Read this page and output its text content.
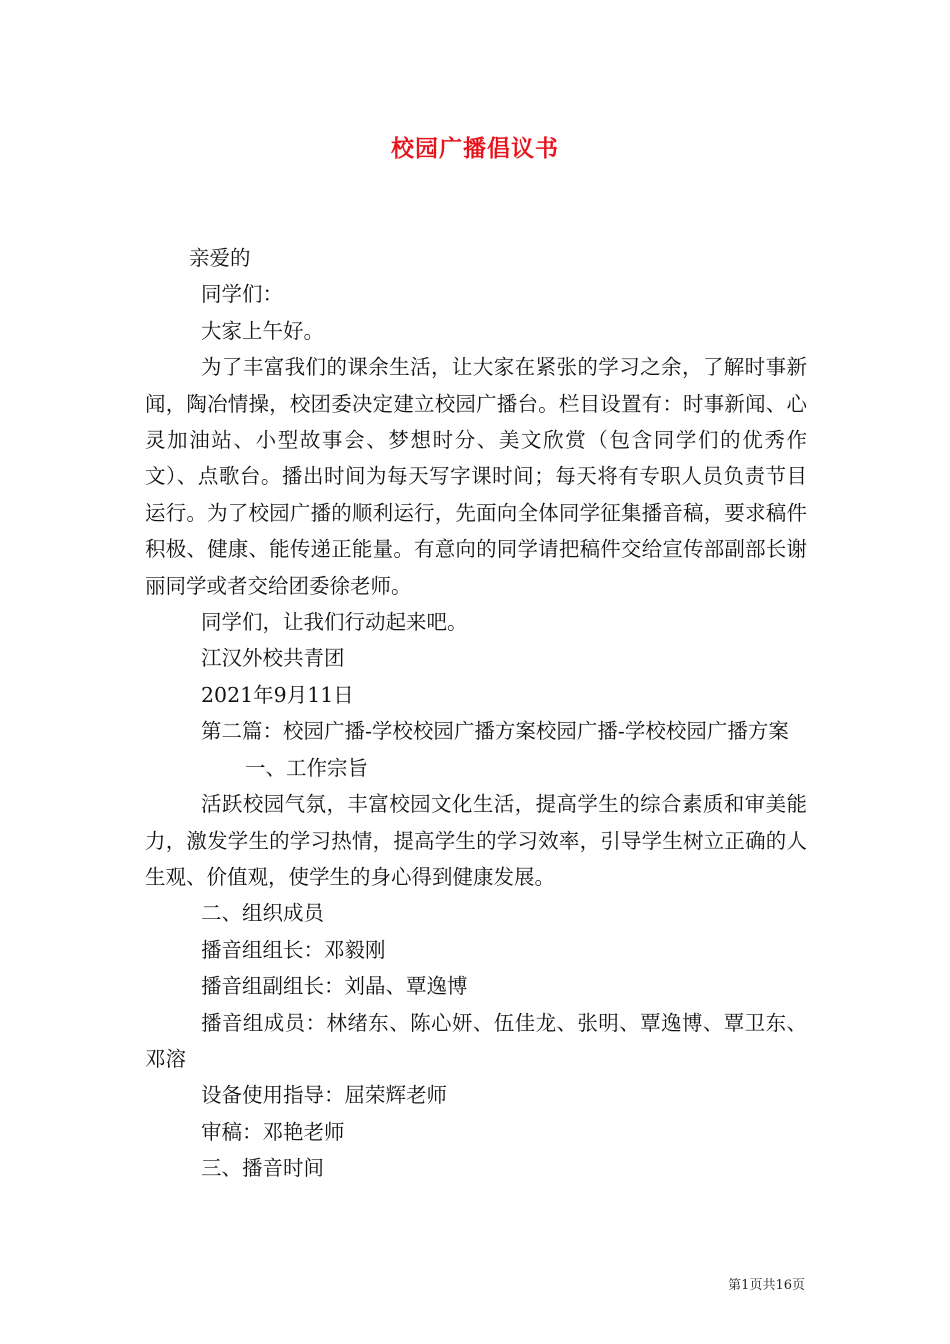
校园广播倡议书

亲爱的

同学们：

大家上午好。

为了丰富我们的课余生活，让大家在紧张的学习之余，了解时事新闻，陶冶情操，校团委决定建立校园广播台。栏目设置有：时事新闻、心灵加油站、小型故事会、梦想时分、美文欣赏（包含同学们的优秀作文）、点歌台。播出时间为每天写字课时间；每天将有专职人员负责节目运行。为了校园广播的顺利运行，先面向全体同学征集播音稿，要求稿件积极、健康、能传递正能量。有意向的同学请把稿件交给宣传部副部长谢丽同学或者交给团委徐老师。

同学们，让我们行动起来吧。

江汉外校共青团

2021年9月11日

第二篇：校园广播-学校校园广播方案校园广播-学校校园广播方案

一、工作宗旨

活跃校园气氛，丰富校园文化生活，提高学生的综合素质和审美能力，激发学生的学习热情，提高学生的学习效率，引导学生树立正确的人生观、价值观，使学生的身心得到健康发展。

二、组织成员

播音组组长：邓毅刚

播音组副组长：刘晶、覃逸博

播音组成员：林绪东、陈心妍、伍佳龙、张明、覃逸博、覃卫东、邓溶

设备使用指导：屈荣辉老师

审稿：邓艳老师

三、播音时间

第1页共16页
